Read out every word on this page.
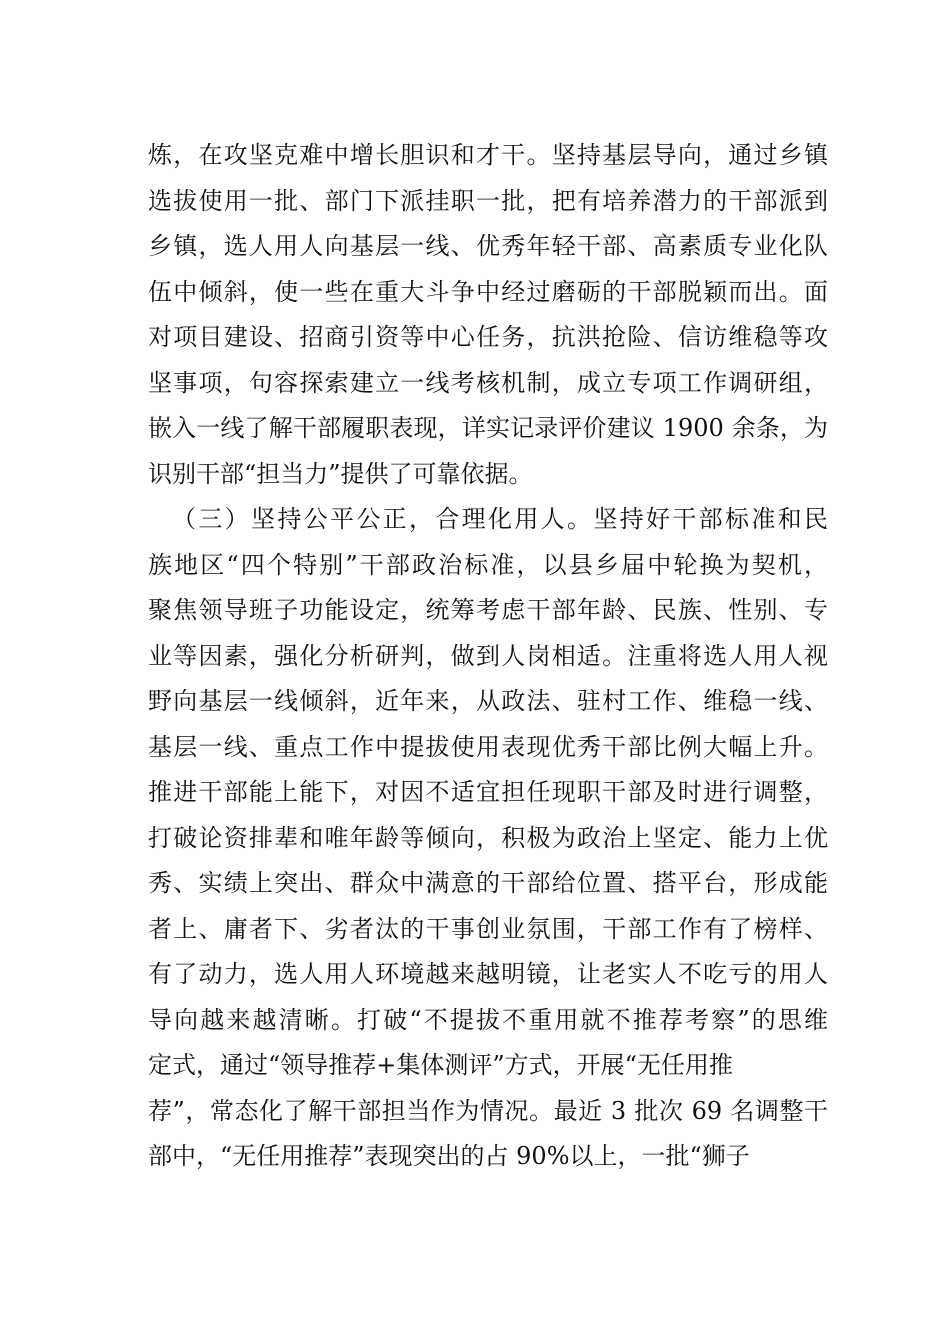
炼，在攻坚克难中增长胆识和才干。坚持基层导向，通过乡镇
选拔使用一批、部门下派挂职一批，把有培养潜力的干部派到
乡镇，选人用人向基层一线、优秀年轻干部、高素质专业化队
伍中倾斜，使一些在重大斗争中经过磨砺的干部脱颖而出。面
对项目建设、招商引资等中心任务，抗洪抢险、信访维稳等攻
坚事项，句容探索建立一线考核机制，成立专项工作调研组，
嵌入一线了解干部履职表现，详实记录评价建议 1900 余条，为
识别干部“担当力”提供了可靠依据。
（三）坚持公平公正，合理化用人。坚持好干部标准和民
族地区“四个特别”干部政治标准，以县乡届中轮换为契机，
聚焦领导班子功能设定，统筹考虑干部年龄、民族、性别、专
业等因素，强化分析研判，做到人岗相适。注重将选人用人视
野向基层一线倾斜，近年来，从政法、驻村工作、维稳一线、
基层一线、重点工作中提拔使用表现优秀干部比例大幅上升。
推进干部能上能下，对因不适宜担任现职干部及时进行调整，
打破论资排辈和唯年龄等倾向，积极为政治上坚定、能力上优
秀、实绩上突出、群众中满意的干部给位置、搭平台，形成能
者上、庸者下、劣者汰的干事创业氛围，干部工作有了榜样、
有了动力，选人用人环境越来越明镜，让老实人不吃亏的用人
导向越来越清晰。打破“不提拔不重用就不推荐考察”的思维
定式，通过“领导推荐+集体测评”方式，开展“无任用推
荐”，常态化了解干部担当作为情况。最近 3 批次 69 名调整干
部中，“无任用推荐”表现突出的占 90%以上，一批“狮子
